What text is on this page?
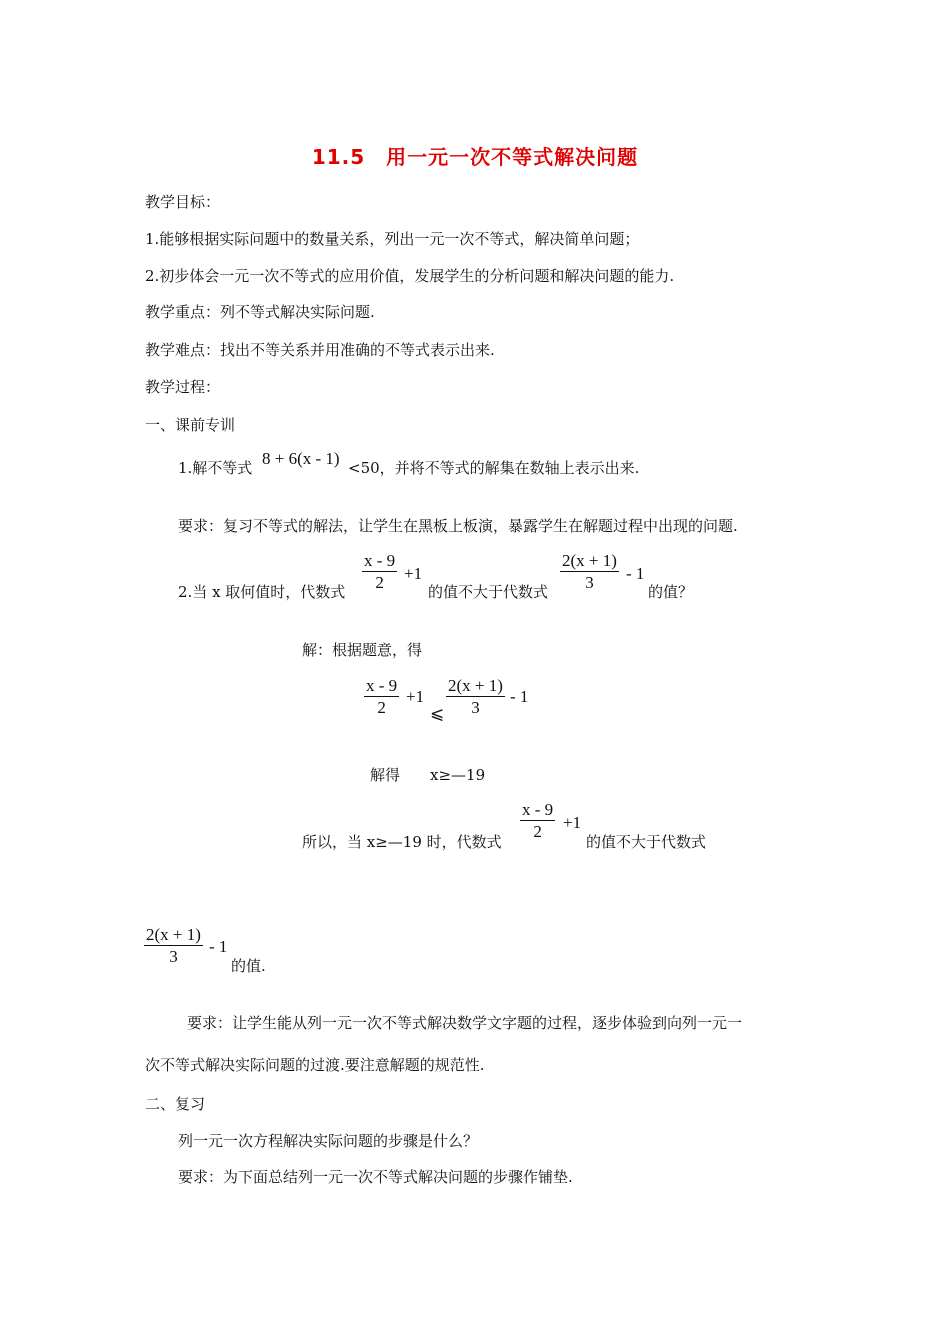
11.5　用一元一次不等式解决问题
教学目标：
1.能够根据实际问题中的数量关系，列出一元一次不等式，解决简单问题；
2.初步体会一元一次不等式的应用价值，发展学生的分析问题和解决问题的能力.
教学重点：列不等式解决实际问题.
教学难点：找出不等关系并用准确的不等式表示出来.
教学过程：
一、课前专训
1.解不等式 8 + 6(x - 1) <50，并将不等式的解集在数轴上表示出来.
要求：复习不等式的解法，让学生在黑板上板演，暴露学生在解题过程中出现的问题.
x - 9
2	+1
2.当 x 取何值时，代数式	的值不大于代数式
2(x + 1)
3	- 1
的值？
解：根据题意，得
x - 9
2
+1
⩽
2(x + 1)
3
- 1
解得 x≥—19
x - 9
2	+1
所以，当 x≥—19 时，代数式	的值不大于代数式
2(x + 1)
3
- 1
的值.
要求：让学生能从列一元一次不等式解决数学文字题的过程，逐步体验到向列一元一
次不等式解决实际问题的过渡.要注意解题的规范性.
二、复习
列一元一次方程解决实际问题的步骤是什么？
要求：为下面总结列一元一次不等式解决问题的步骤作铺垫.
